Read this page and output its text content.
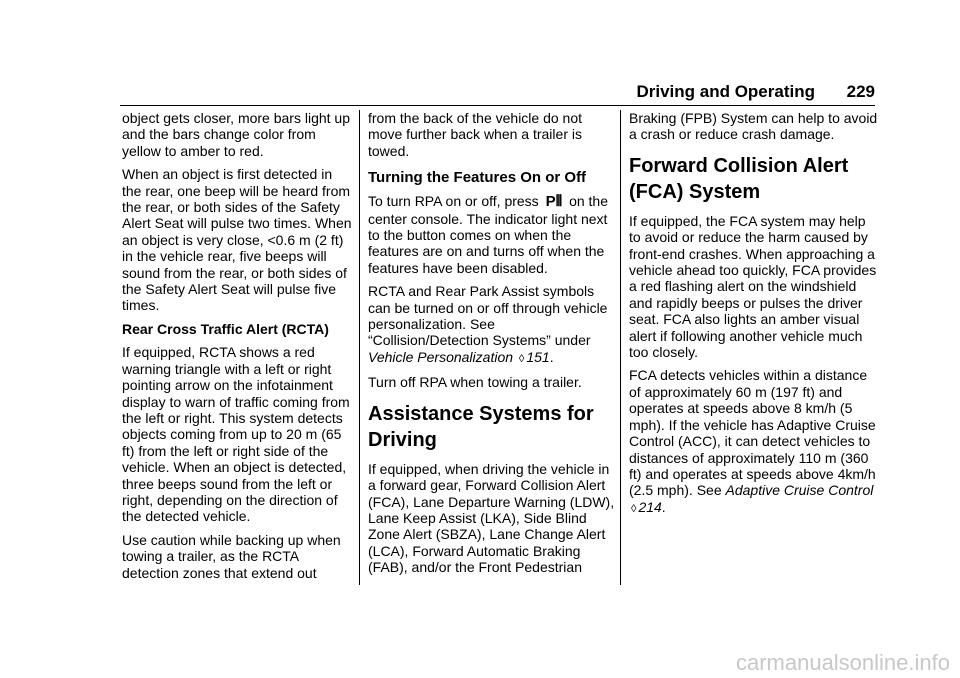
Driving and Operating 229

object gets closer, more bars light up and the bars change color from yellow to amber to red.

When an object is first detected in the rear, one beep will be heard from the rear, or both sides of the Safety Alert Seat will pulse two times. When an object is very close, <0.6 m (2 ft) in the vehicle rear, five beeps will sound from the rear, or both sides of the Safety Alert Seat will pulse five times.

Rear Cross Traffic Alert (RCTA)

If equipped, RCTA shows a red warning triangle with a left or right pointing arrow on the infotainment display to warn of traffic coming from the left or right. This system detects objects coming from up to 20 m (65 ft) from the left or right side of the vehicle. When an object is detected, three beeps sound from the left or right, depending on the direction of the detected vehicle.

Use caution while backing up when towing a trailer, as the RCTA detection zones that extend out

from the back of the vehicle do not move further back when a trailer is towed.

Turning the Features On or Off

To turn RPA on or off, press P⦀ on the center console. The indicator light next to the button comes on when the features are on and turns off when the features have been disabled.

RCTA and Rear Park Assist symbols can be turned on or off through vehicle personalization. See “Collision/Detection Systems” under Vehicle Personalization ◊ 151.

Turn off RPA when towing a trailer.

Assistance Systems for Driving

If equipped, when driving the vehicle in a forward gear, Forward Collision Alert (FCA), Lane Departure Warning (LDW), Lane Keep Assist (LKA), Side Blind Zone Alert (SBZA), Lane Change Alert (LCA), Forward Automatic Braking (FAB), and/or the Front Pedestrian

Braking (FPB) System can help to avoid a crash or reduce crash damage.

Forward Collision Alert (FCA) System

If equipped, the FCA system may help to avoid or reduce the harm caused by front-end crashes. When approaching a vehicle ahead too quickly, FCA provides a red flashing alert on the windshield and rapidly beeps or pulses the driver seat. FCA also lights an amber visual alert if following another vehicle much too closely.

FCA detects vehicles within a distance of approximately 60 m (197 ft) and operates at speeds above 8 km/h (5 mph). If the vehicle has Adaptive Cruise Control (ACC), it can detect vehicles to distances of approximately 110 m (360 ft) and operates at speeds above 4km/h (2.5 mph). See Adaptive Cruise Control ◊ 214.

carmanualsonline.info
